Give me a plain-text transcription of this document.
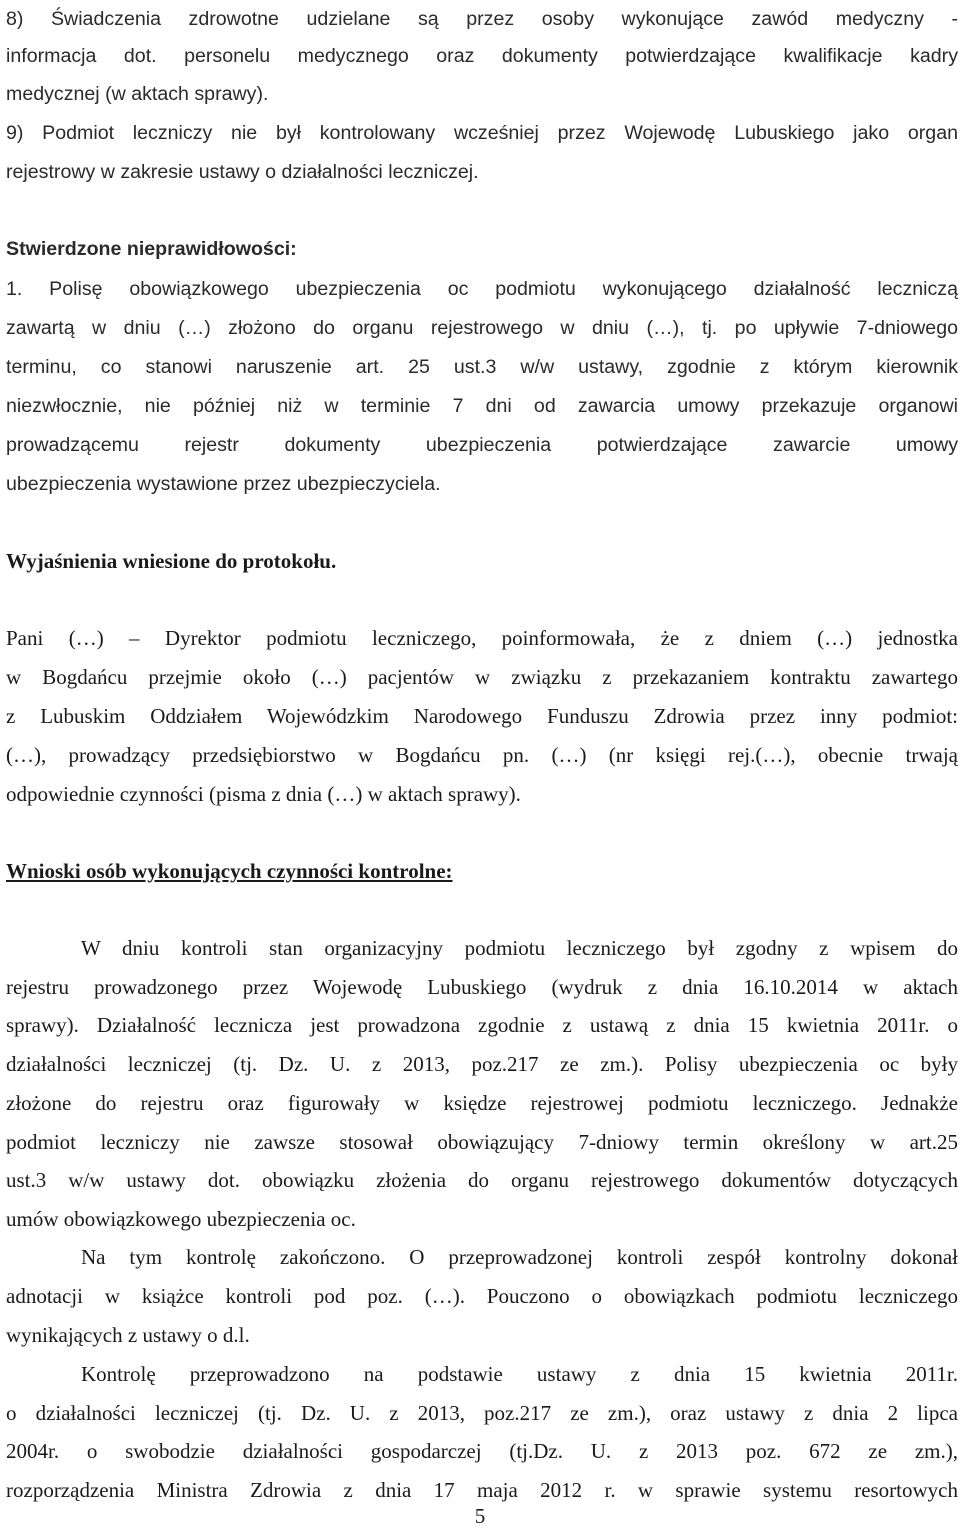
8) Świadczenia zdrowotne udzielane są przez osoby wykonujące zawód medyczny -
informacja dot. personelu medycznego oraz dokumenty potwierdzające kwalifikacje kadry
medycznej (w aktach sprawy).
9) Podmiot leczniczy nie był kontrolowany wcześniej przez Wojewodę Lubuskiego jako organ
rejestrowy w zakresie ustawy o działalności leczniczej.
Stwierdzone nieprawidłowości:
1. Polisę obowiązkowego ubezpieczenia oc podmiotu wykonującego działalność leczniczą
zawartą w dniu (…) złożono do organu rejestrowego w dniu (…), tj. po upływie 7-dniowego
terminu, co stanowi naruszenie art. 25 ust.3 w/w ustawy, zgodnie z którym kierownik
niezwłocznie, nie później niż w terminie 7 dni od zawarcia umowy przekazuje organowi
prowadzącemu rejestr dokumenty ubezpieczenia potwierdzające zawarcie umowy
ubezpieczenia wystawione przez ubezpieczyciela.
Wyjaśnienia wniesione do protokołu.
Pani (…) – Dyrektor podmiotu leczniczego, poinformowała, że z dniem (…) jednostka
w Bogdańcu przejmie około (…) pacjentów w związku z przekazaniem kontraktu zawartego
z Lubuskim Oddziałem Wojewódzkim Narodowego Funduszu Zdrowia przez inny podmiot:
(…), prowadzący przedsiębiorstwo w Bogdańcu pn. (…) (nr księgi rej.(…), obecnie trwają
odpowiednie czynności (pisma z dnia (…) w aktach sprawy).
Wnioski osób wykonujących czynności kontrolne:
W dniu kontroli stan organizacyjny podmiotu leczniczego był zgodny z wpisem do
rejestru prowadzonego przez Wojewodę Lubuskiego (wydruk z dnia 16.10.2014 w aktach
sprawy). Działalność lecznicza jest prowadzona zgodnie z ustawą z dnia 15 kwietnia 2011r. o
działalności leczniczej (tj. Dz. U. z 2013, poz.217 ze zm.). Polisy ubezpieczenia oc były
złożone do rejestru oraz figurowały w księdze rejestrowej podmiotu leczniczego. Jednakże
podmiot leczniczy nie zawsze stosował obowiązujący 7-dniowy termin określony w art.25
ust.3 w/w ustawy dot. obowiązku złożenia do organu rejestrowego dokumentów dotyczących
umów obowiązkowego ubezpieczenia oc.
Na tym kontrolę zakończono. O przeprowadzonej kontroli zespół kontrolny dokonał
adnotacji w książce kontroli pod poz. (…). Pouczono o obowiązkach podmiotu leczniczego
wynikających z ustawy o d.l.
Kontrolę przeprowadzono na podstawie ustawy z dnia 15 kwietnia 2011r.
o działalności leczniczej (tj. Dz. U. z 2013, poz.217 ze zm.), oraz ustawy z dnia 2 lipca
2004r. o swobodzie działalności gospodarczej (tj.Dz. U. z 2013 poz. 672 ze zm.),
rozporządzenia Ministra Zdrowia z dnia 17 maja 2012 r. w sprawie systemu resortowych
5
